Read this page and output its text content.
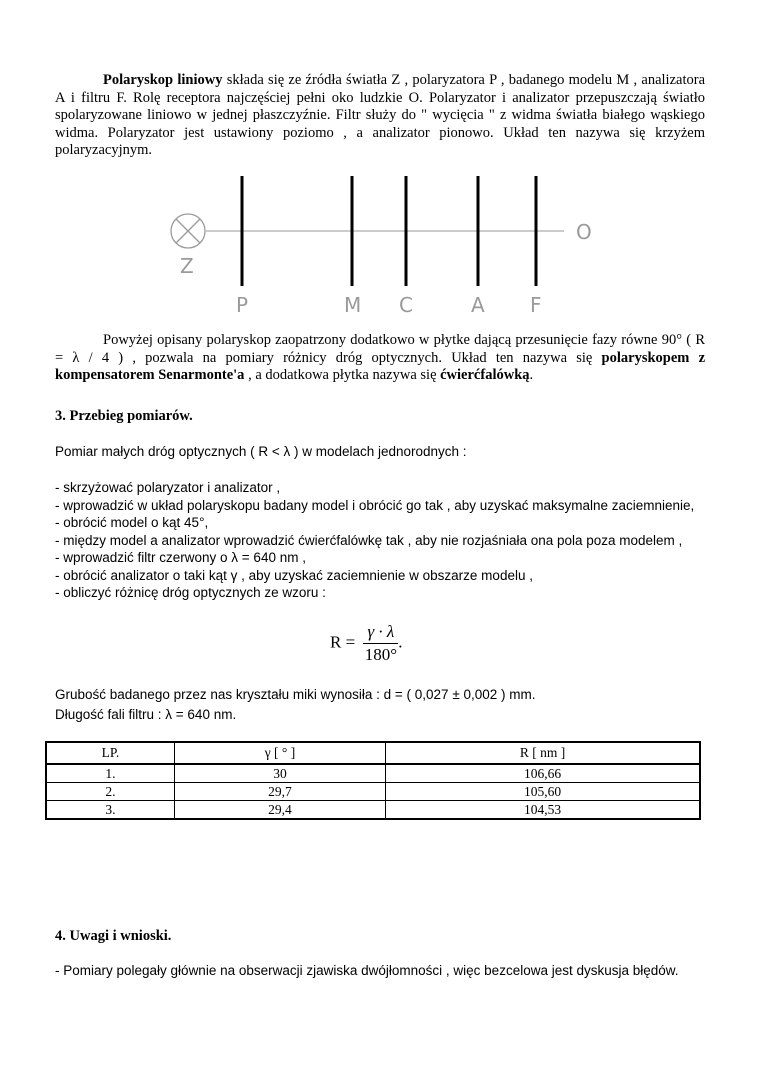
Polaryskop liniowy składa się ze źródła światła Z , polaryzatora P , badanego modelu M , analizatora A i filtru F. Rolę receptora najczęściej pełni oko ludzkie O. Polaryzator i analizator przepuszczają światło spolaryzowane liniowo w jednej płaszczyźnie. Filtr służy do " wycięcia " z widma światła białego wąskiego widma. Polaryzator jest ustawiony poziomo , a analizator pionowo. Układ ten nazywa się krzyżem polaryzacyjnym.

Powyżej opisany polaryskop zaopatrzony dodatkowo w płytke dającą przesunięcie fazy równe 90° ( R = λ / 4 ) , pozwala na pomiary różnicy dróg optycznych. Układ ten nazywa się polaryskopem z kompensatorem Senarmonte'a , a dodatkowa płytka nazywa się ćwierćfalówką.

3. Przebieg pomiarów.

Pomiar małych dróg optycznych ( R < λ ) w modelach jednorodnych :

- skrzyżować polaryzator i analizator ,

- wprowadzić w układ polaryskopu badany model i obrócić go tak , aby uzyskać maksymalne zaciemnienie,

- obrócić model o kąt 45°,

- między model a analizator wprowadzić ćwierćfalówkę tak , aby nie rozjaśniała ona pola poza modelem ,

- wprowadzić filtr czerwony o λ = 640 nm ,

- obrócić analizator o taki kąt γ , aby uzyskać zaciemnienie w obszarze modelu ,

- obliczyć różnicę dróg optycznych ze wzoru :

Grubość badanego przez nas kryształu miki wynosiła : d = ( 0,027 ± 0,002 ) mm.

Długość fali filtru : λ = 640 nm.

4. Uwagi i wnioski.

- Pomiary polegały głównie na obserwacji zjawiska dwójłomności , więc bezcelowa jest dyskusja błędów.

Z
O
P	M C	A F
$R = \frac{\gamma \cdot \lambda}{180^\circ}$ .
LP.	γ [ ° ]	R [ nm ]
1.	30	106,66
2.	29,7	105,60
3.	29,4	104,53
